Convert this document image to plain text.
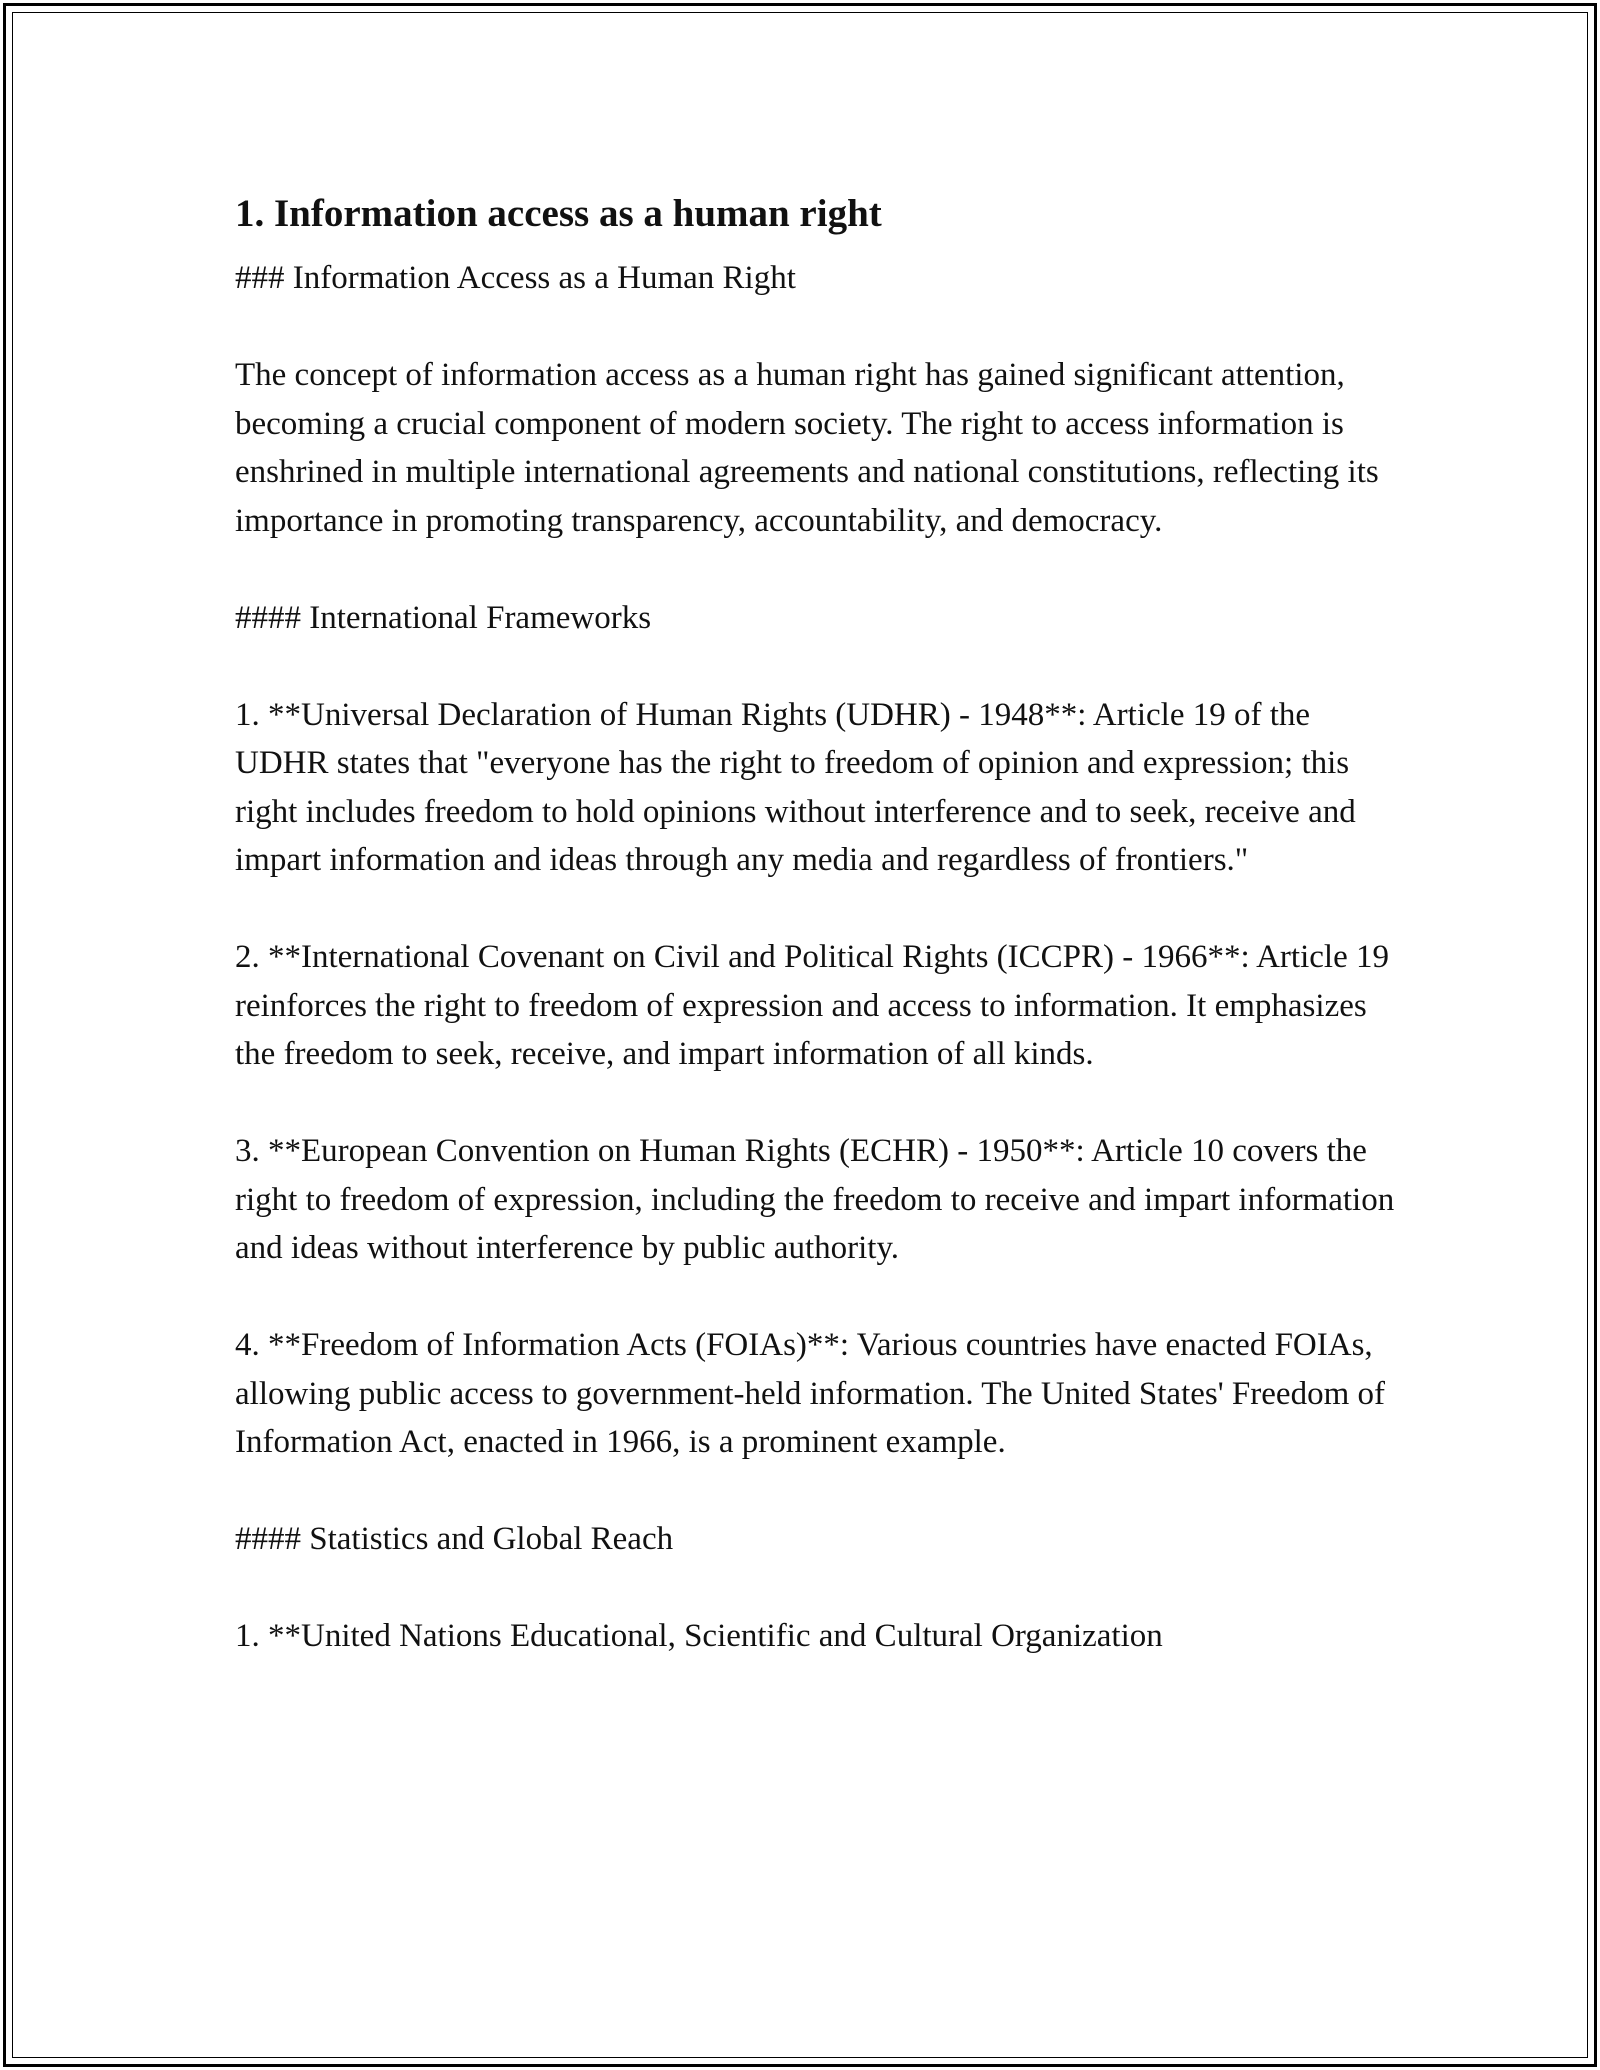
1. Information access as a human right

### Information Access as a Human Right

The concept of information access as a human right has gained significant attention, becoming a crucial component of modern society. The right to access information is enshrined in multiple international agreements and national constitutions, reflecting its importance in promoting transparency, accountability, and democracy.

#### International Frameworks

1. **Universal Declaration of Human Rights (UDHR) - 1948**: Article 19 of the UDHR states that "everyone has the right to freedom of opinion and expression; this right includes freedom to hold opinions without interference and to seek, receive and impart information and ideas through any media and regardless of frontiers."

2. **International Covenant on Civil and Political Rights (ICCPR) - 1966**: Article 19 reinforces the right to freedom of expression and access to information. It emphasizes the freedom to seek, receive, and impart information of all kinds.

3. **European Convention on Human Rights (ECHR) - 1950**: Article 10 covers the right to freedom of expression, including the freedom to receive and impart information and ideas without interference by public authority.

4. **Freedom of Information Acts (FOIAs)**: Various countries have enacted FOIAs, allowing public access to government-held information. The United States' Freedom of Information Act, enacted in 1966, is a prominent example.

#### Statistics and Global Reach

1. **United Nations Educational, Scientific and Cultural Organization
